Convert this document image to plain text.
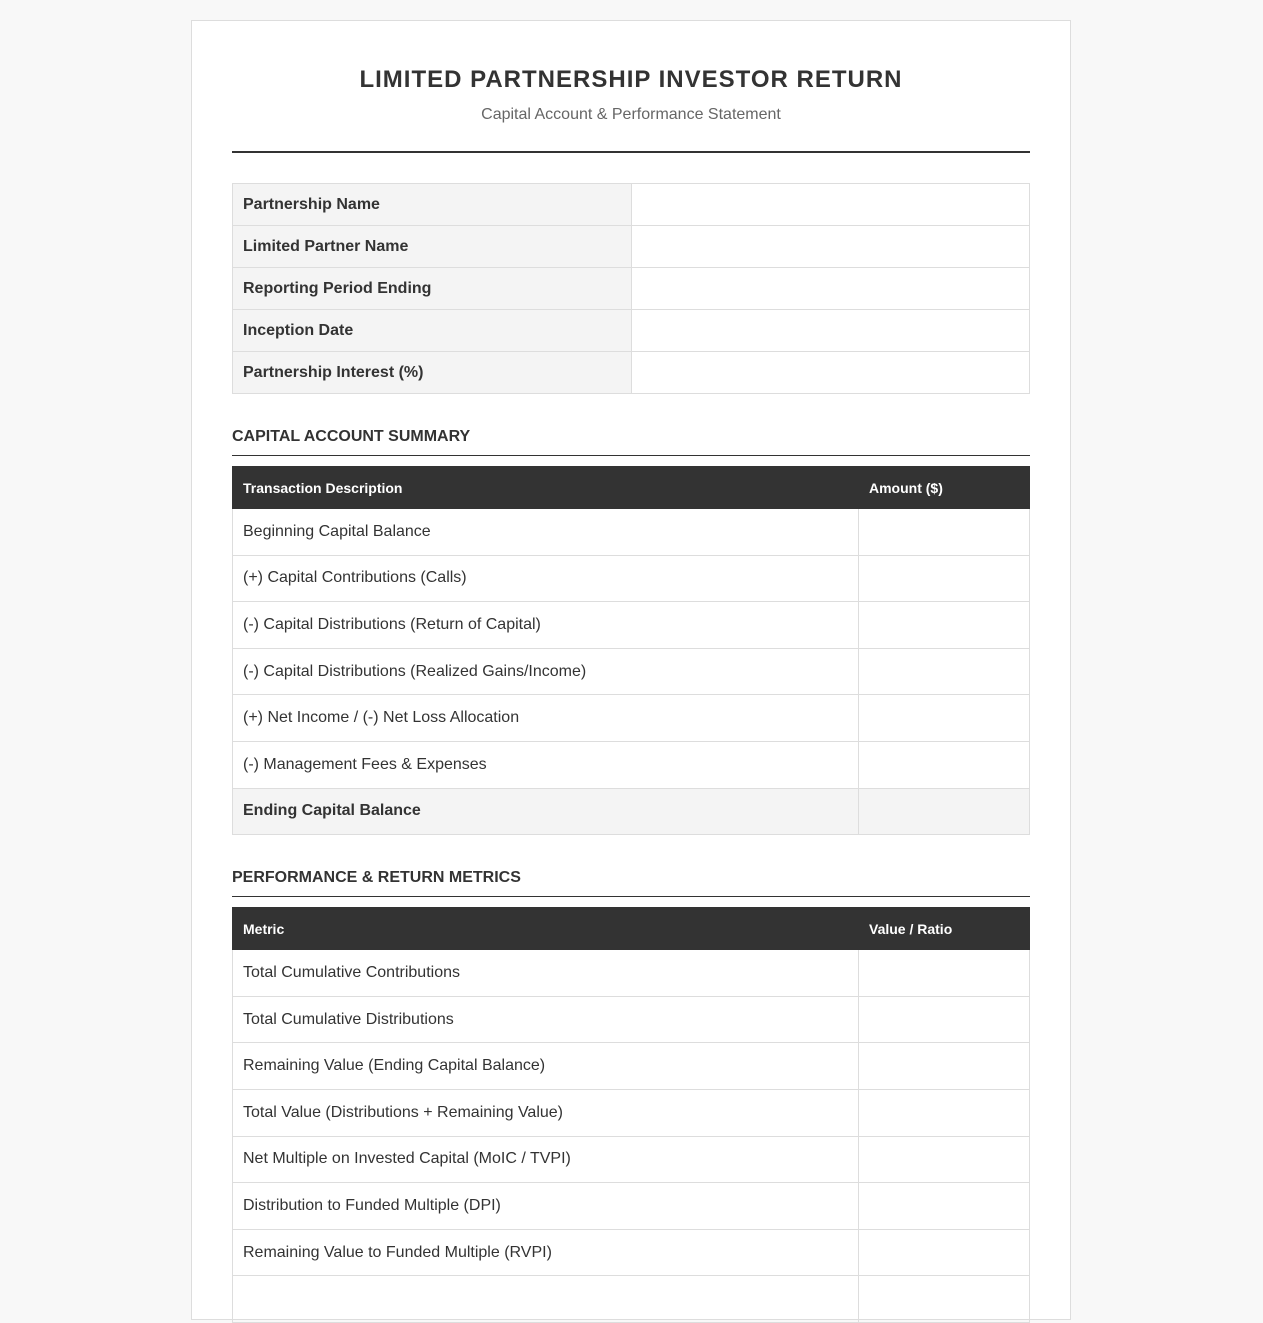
LIMITED PARTNERSHIP INVESTOR RETURN

Capital Account & Performance Statement

Partnership Name	
Limited Partner Name	
Reporting Period Ending	
Inception Date	
Partnership Interest (%)	
CAPITAL ACCOUNT SUMMARY
Transaction Description	Amount ($)
Beginning Capital Balance	
(+) Capital Contributions (Calls)	
(-) Capital Distributions (Return of Capital)	
(-) Capital Distributions (Realized Gains/Income)	
(+) Net Income / (-) Net Loss Allocation	
(-) Management Fees & Expenses	
Ending Capital Balance	
PERFORMANCE & RETURN METRICS
Metric	Value / Ratio
Total Cumulative Contributions	
Total Cumulative Distributions	
Remaining Value (Ending Capital Balance)	
Total Value (Distributions + Remaining Value)	
Net Multiple on Invested Capital (MoIC / TVPI)	
Distribution to Funded Multiple (DPI)	
Remaining Value to Funded Multiple (RVPI)	
